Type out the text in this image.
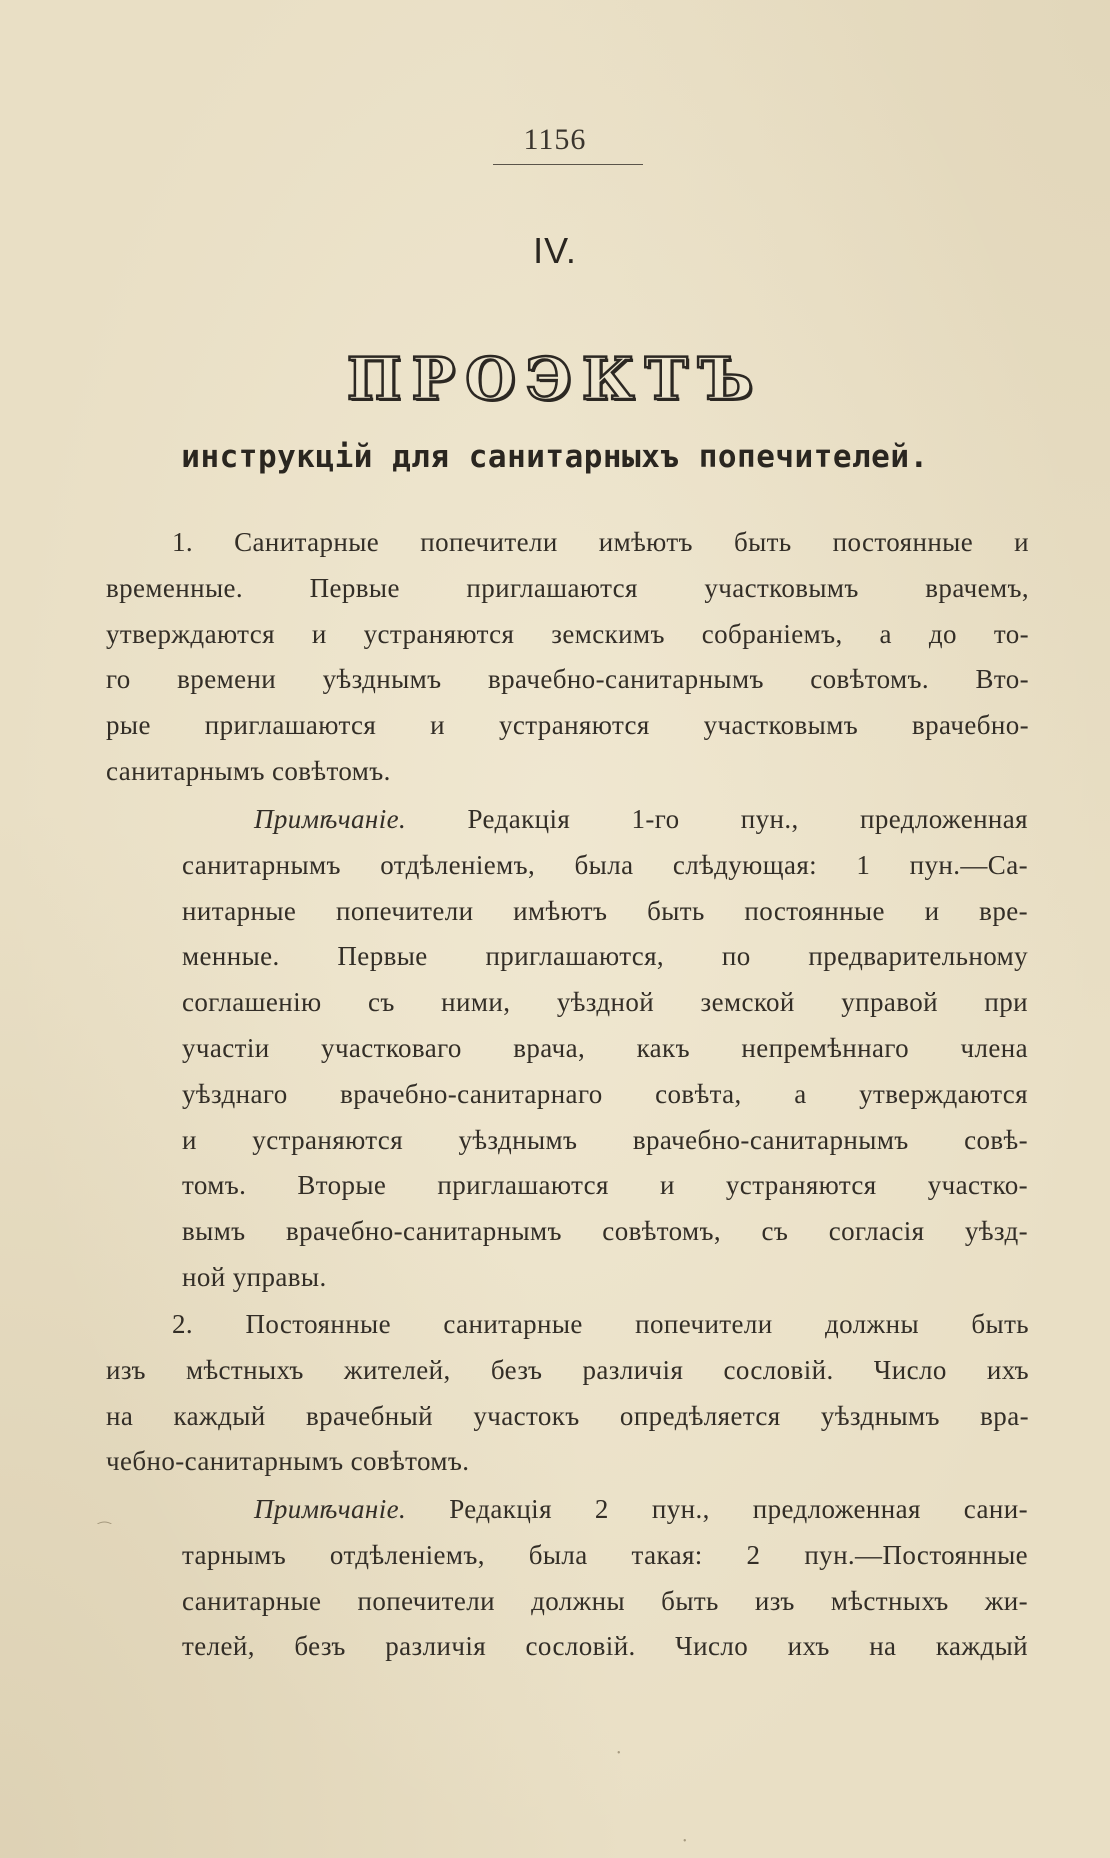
1156
IV.
ПРОЭКТЪ
инструкцій для санитарныхъ попечителей.
1. Санитарные попечители имѣютъ быть постоянные и
временные. Первые приглашаются участковымъ врачемъ,
утверждаются и устраняются земскимъ собраніемъ, а до то-
го времени уѣзднымъ врачебно-санитарнымъ совѣтомъ. Вто-
рые приглашаются и устраняются участковымъ врачебно-
санитарнымъ совѣтомъ.
Примѣчаніе. Редакція 1-го пун., предложенная
санитарнымъ отдѣленіемъ, была слѣдующая: 1 пун.—Са-
нитарные попечители имѣютъ быть постоянные и вре-
менные. Первые приглашаются, по предварительному
соглашенію съ ними, уѣздной земской управой при
участіи участковаго врача, какъ непремѣннаго члена
уѣзднаго врачебно-санитарнаго совѣта, а утверждаются
и устраняются уѣзднымъ врачебно-санитарнымъ совѣ-
томъ. Вторые приглашаются и устраняются участко-
вымъ врачебно-санитарнымъ совѣтомъ, съ согласія уѣзд-
ной управы.
2. Постоянные санитарные попечители должны быть
изъ мѣстныхъ жителей, безъ различія сословій. Число ихъ
на каждый врачебный участокъ опредѣляется уѣзднымъ вра-
чебно-санитарнымъ совѣтомъ.
Примѣчаніе. Редакція 2 пун., предложенная сани-
тарнымъ отдѣленіемъ, была такая: 2 пун.—Постоянные
санитарные попечители должны быть изъ мѣстныхъ жи-
телей, безъ различія сословій. Число ихъ на каждый
⁔
•
•
